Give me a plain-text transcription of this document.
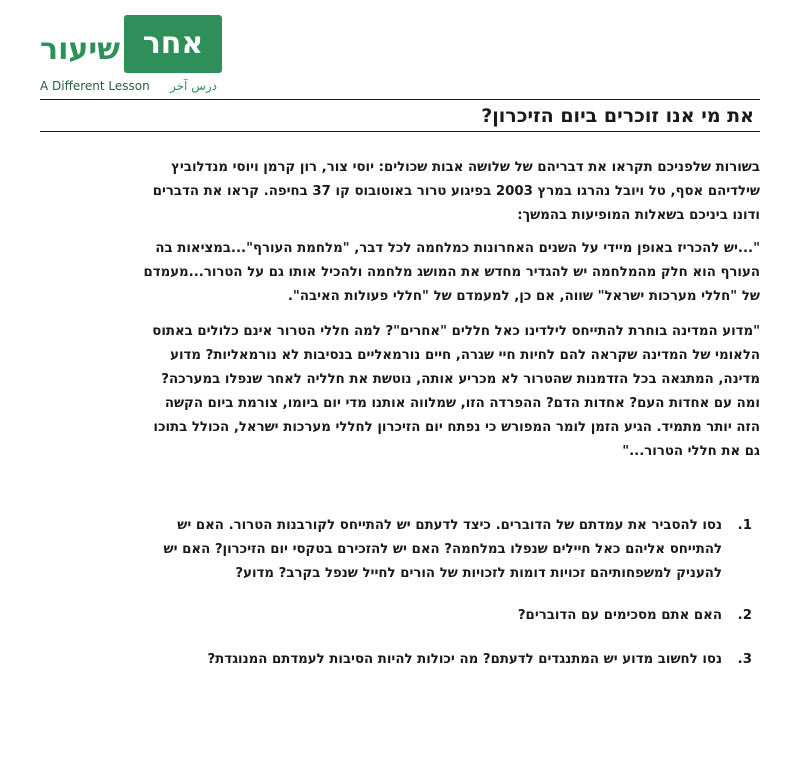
שיעור אחר
A Different Lesson درس آخر
את מי אנו זוכרים ביום הזיכרון?
בשורות שלפניכם תקראו את דבריהם של שלושה אבות שכולים: יוסי צור, רון קרמן ויוסי מנדלוביץ
שילדיהם אסף, טל ויובל נהרגו במרץ 2003 בפיגוע טרור באוטובוס קו 37 בחיפה. קראו את הדברים
ודונו ביניכם בשאלות המופיעות בהמשך:
"...יש להכריז באופן מיידי על השנים האחרונות כמלחמה לכל דבר, "מלחמת העורף"...במציאות בה
העורף הוא חלק מהמלחמה יש להגדיר מחדש את המושג מלחמה ולהכיל אותו גם על הטרור...מעמדם
של "חללי מערכות ישראל" שווה, אם כן, למעמדם של "חללי פעולות האיבה".
"מדוע המדינה בוחרת להתייחס לילדינו כאל חללים "אחרים"? למה חללי הטרור אינם כלולים באתוס
הלאומי של המדינה שקראה להם לחיות חיי שגרה, חיים נורמאליים בנסיבות לא נורמאליות? מדוע
מדינה, המתגאה בכל הזדמנות שהטרור לא מכריע אותה, נוטשת את חלליה לאחר שנפלו במערכה?
ומה עם אחדות העם? אחדות הדם? ההפרדה הזו, שמלווה אותנו מדי יום ביומו, צורמת ביום הקשה
הזה יותר מתמיד. הגיע הזמן לומר המפורש כי נפתח יום הזיכרון לחללי מערכות ישראל, הכולל בתוכו
גם את חללי הטרור..."
1.
נסו להסביר את עמדתם של הדוברים. כיצד לדעתם יש להתייחס לקורבנות הטרור. האם יש
להתייחס אליהם כאל חיילים שנפלו במלחמה? האם יש להזכירם בטקסי יום הזיכרון? האם יש
להעניק למשפחותיהם זכויות דומות לזכויות של הורים לחייל שנפל בקרב? מדוע?
2.
האם אתם מסכימים עם הדוברים?
3.
נסו לחשוב מדוע יש המתנגדים לדעתם? מה יכולות להיות הסיבות לעמדתם המנוגדת?
